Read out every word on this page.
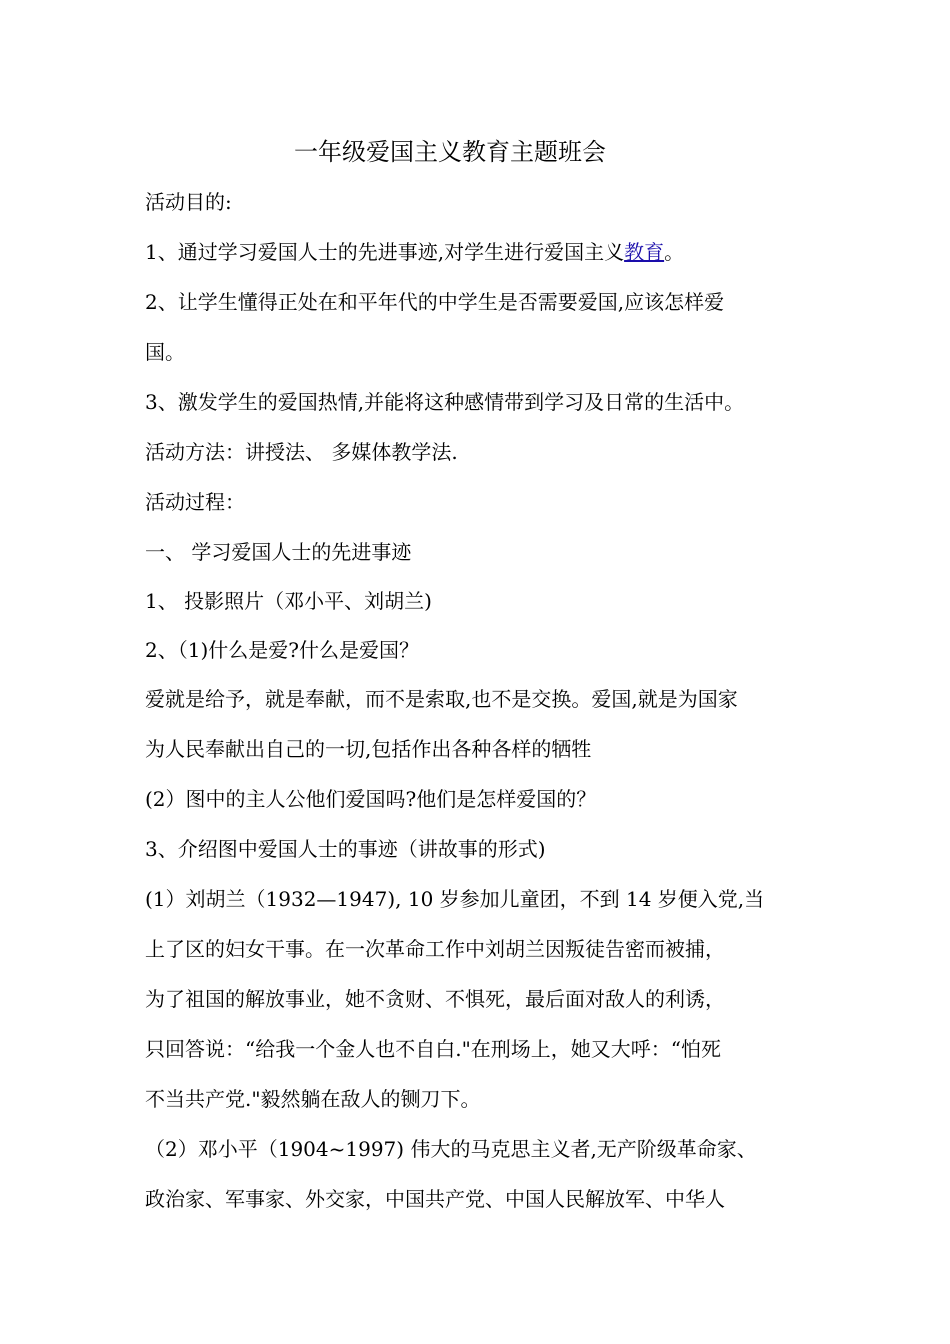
一年级爱国主义教育主题班会
活动目的:
1、通过学习爱国人士的先进事迹,对学生进行爱国主义教育。
2、让学生懂得正处在和平年代的中学生是否需要爱国,应该怎样爱
国。
3、激发学生的爱国热情,并能将这种感情带到学习及日常的生活中。
活动方法：讲授法、 多媒体教学法.
活动过程：
一、 学习爱国人士的先进事迹
1、 投影照片（邓小平、刘胡兰)
2、（1)什么是爱?什么是爱国？
爱就是给予，就是奉献，而不是索取,也不是交换。爱国,就是为国家
为人民奉献出自己的一切,包括作出各种各样的牺牲
(2）图中的主人公他们爱国吗?他们是怎样爱国的？
3、介绍图中爱国人士的事迹（讲故事的形式)
(1）刘胡兰（1932—1947), 10 岁参加儿童团，不到 14 岁便入党,当
上了区的妇女干事。在一次革命工作中刘胡兰因叛徒告密而被捕，
为了祖国的解放事业，她不贪财、不惧死，最后面对敌人的利诱，
只回答说：“给我一个金人也不自白."在刑场上，她又大呼：“怕死
不当共产党."毅然躺在敌人的铡刀下。
（2）邓小平（1904~1997) 伟大的马克思主义者,无产阶级革命家、
政治家、军事家、外交家，中国共产党、中国人民解放军、中华人
